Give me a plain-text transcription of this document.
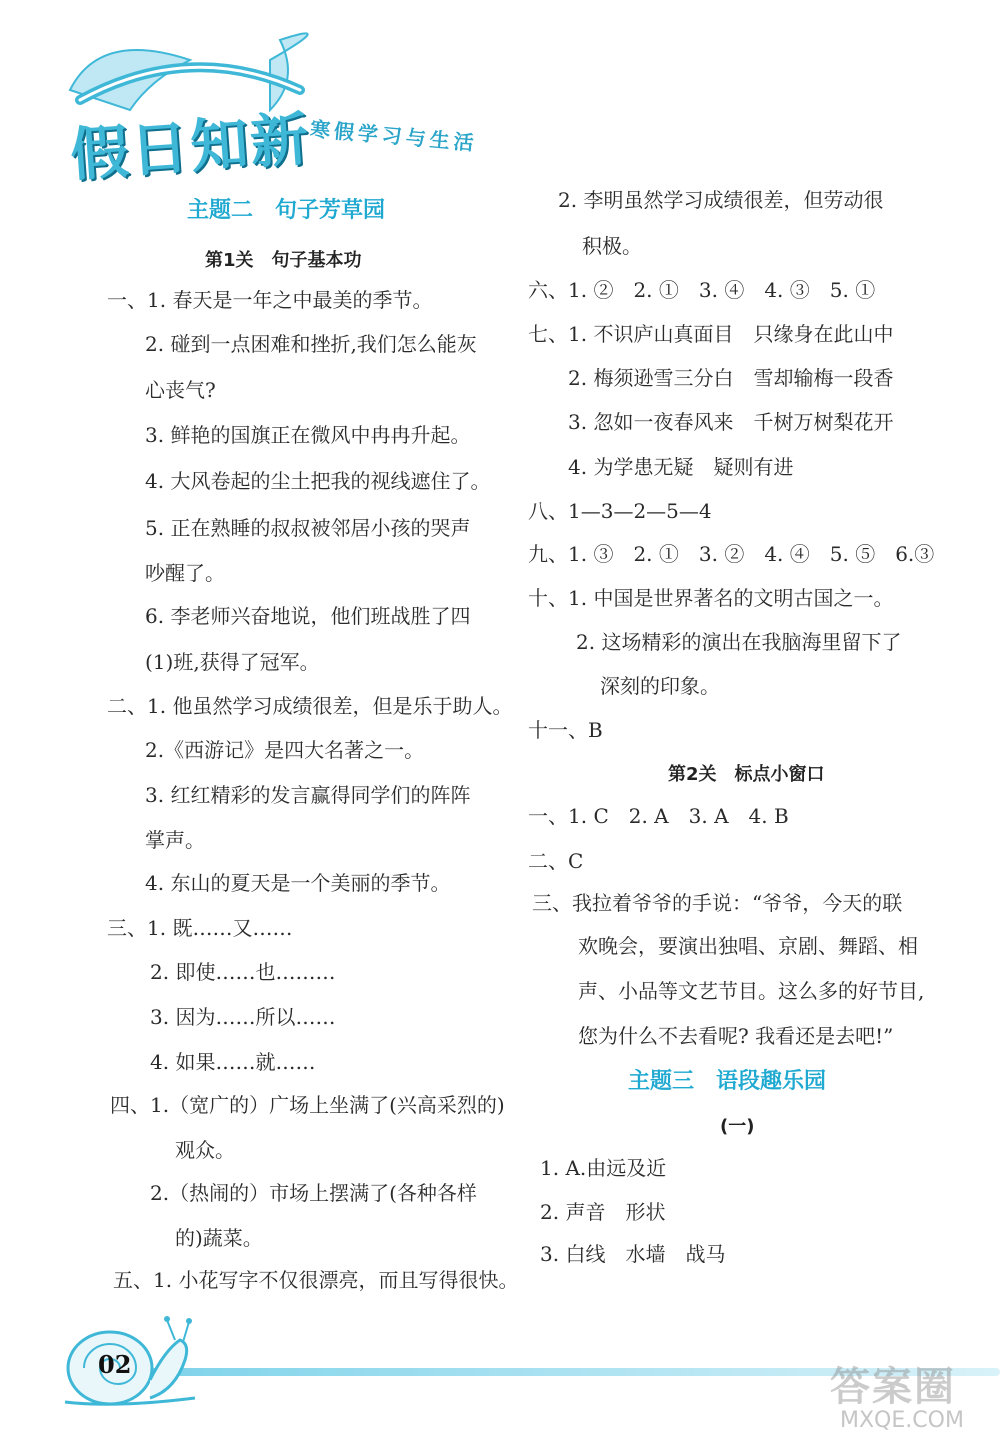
假日知新
寒假学习与生活
主题二　句子芳草园
第1关　句子基本功
一、1. 春天是一年之中最美的季节。
2. 碰到一点困难和挫折,我们怎么能灰
心丧气?
3. 鲜艳的国旗正在微风中冉冉升起。
4. 大风卷起的尘土把我的视线遮住了。
5. 正在熟睡的叔叔被邻居小孩的哭声
吵醒了。
6. 李老师兴奋地说，他们班战胜了四
(1)班,获得了冠军。
二、1. 他虽然学习成绩很差，但是乐于助人。
2.《西游记》是四大名著之一。
3. 红红精彩的发言赢得同学们的阵阵
掌声。
4. 东山的夏天是一个美丽的季节。
三、1. 既……又……
2. 即使……也………
3. 因为……所以……
4. 如果……就……
四、1.（宽广的）广场上坐满了(兴高采烈的)
观众。
2.（热闹的）市场上摆满了(各种各样
的)蔬菜。
五、1. 小花写字不仅很漂亮，而且写得很快。
2. 李明虽然学习成绩很差，但劳动很
积极。
六、1. ②　2. ①　3. ④　4. ③　5. ①
七、1. 不识庐山真面目　只缘身在此山中
2. 梅须逊雪三分白　雪却输梅一段香
3. 忽如一夜春风来　千树万树梨花开
4. 为学患无疑　疑则有进
八、1—3—2—5—4
九、1. ③　2. ①　3. ②　4. ④　5. ⑤　6.③
十、1. 中国是世界著名的文明古国之一。
2. 这场精彩的演出在我脑海里留下了
深刻的印象。
十一、B
第2关　标点小窗口
一、1. C　2. A　3. A　4. B
二、C
三、我拉着爷爷的手说：“爷爷，今天的联
欢晚会，要演出独唱、京剧、舞蹈、相
声、小品等文艺节目。这么多的好节目,
您为什么不去看呢? 我看还是去吧!”
主题三　语段趣乐园
(一)
1. A.由远及近
2. 声音　形状
3. 白线　水墙　战马
02	答案圈
MXQE.COM
